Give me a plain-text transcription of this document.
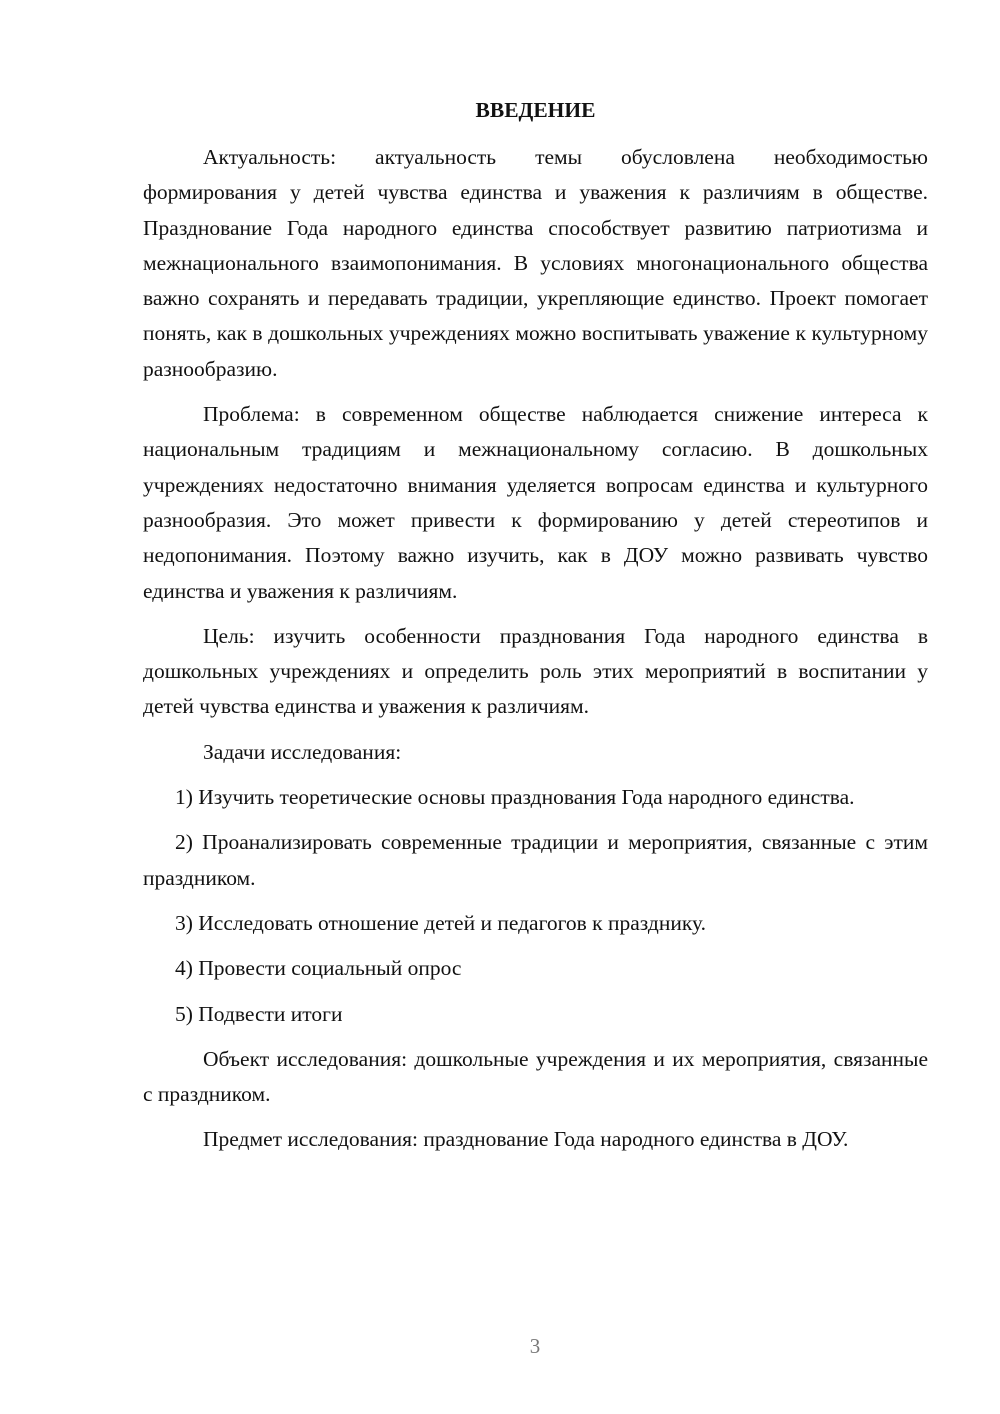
ВВЕДЕНИЕ

Актуальность: актуальность темы обусловлена необходимостью формирования у детей чувства единства и уважения к различиям в обществе. Празднование Года народного единства способствует развитию патриотизма и межнационального взаимопонимания. В условиях многонационального общества важно сохранять и передавать традиции, укрепляющие единство. Проект помогает понять, как в дошкольных учреждениях можно воспитывать уважение к культурному разнообразию.

Проблема: в современном обществе наблюдается снижение интереса к национальным традициям и межнациональному согласию. В дошкольных учреждениях недостаточно внимания уделяется вопросам единства и культурного разнообразия. Это может привести к формированию у детей стереотипов и недопонимания. Поэтому важно изучить, как в ДОУ можно развивать чувство единства и уважения к различиям.

Цель: изучить особенности празднования Года народного единства в дошкольных учреждениях и определить роль этих мероприятий в воспитании у детей чувства единства и уважения к различиям.

Задачи исследования:

1) Изучить теоретические основы празднования Года народного единства.

2) Проанализировать современные традиции и мероприятия, связанные с этим праздником.

3) Исследовать отношение детей и педагогов к празднику.

4) Провести социальный опрос

5) Подвести итоги

Объект исследования: дошкольные учреждения и их мероприятия, связанные с праздником.

Предмет исследования: празднование Года народного единства в ДОУ.

3
